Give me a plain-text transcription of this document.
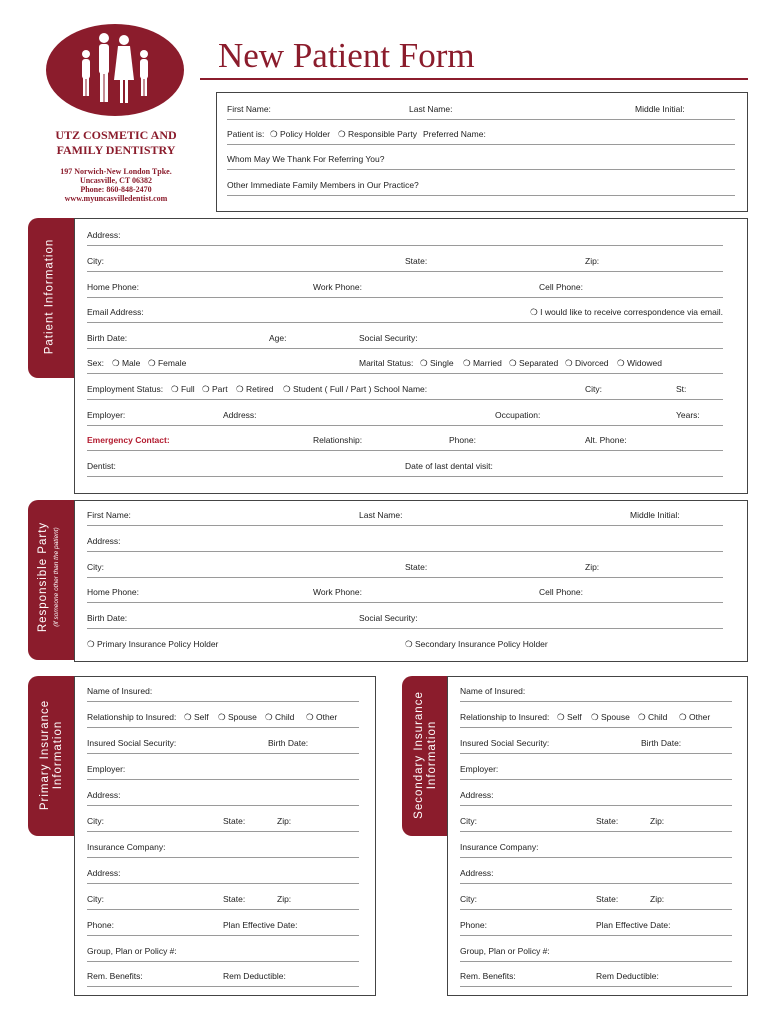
New Patient Form
UTZ COSMETIC AND
FAMILY DENTISTRY
197 Norwich-New London Tpke.
Uncasville, CT 06382
Phone: 860-848-2470
www.myuncasvilledentist.com
First Name:	Last Name:	Middle Initial:
Patient is: ❍ Policy Holder ❍ Responsible Party Preferred Name:
Whom May We Thank For Referring You?
Other Immediate Family Members in Our Practice?
Patient Information
Address:
City:	State:	Zip:
Home Phone:	Work Phone:	Cell Phone:
Email Address:	❍ I would like to receive correspondence via email.
Birth Date:	Age:	Social Security:
Sex: ❍ Male ❍ Female	Marital Status: ❍ Single ❍ Married ❍ Separated ❍ Divorced ❍ Widowed
Employment Status: ❍ Full ❍ Part ❍ Retired ❍ Student ( Full / Part ) School Name:	City:	St:
Employer:	Address:	Occupation:	Years:
Emergency Contact:	Relationship:	Phone:	Alt. Phone:
Dentist:	Date of last dental visit:
Responsible Party (if someone other than the patient)
First Name:	Last Name:	Middle Initial:
Address:
City:	State:	Zip:
Home Phone:	Work Phone:	Cell Phone:
Birth Date:	Social Security:
❍ Primary Insurance Policy Holder	❍ Secondary Insurance Policy Holder
Primary Insurance Information
Name of Insured:
Relationship to Insured: ❍ Self ❍ Spouse ❍ Child ❍ Other
Insured Social Security:	Birth Date:
Employer:
Address:
City:	State:	Zip:
Insurance Company:
Address:
City:	State:	Zip:
Phone:	Plan Effective Date:
Group, Plan or Policy #:
Rem. Benefits:	Rem Deductible:
Secondary Insurance Information
Name of Insured:
Relationship to Insured: ❍ Self ❍ Spouse ❍ Child ❍ Other
Insured Social Security:	Birth Date:
Employer:
Address:
City:	State:	Zip:
Insurance Company:
Address:
City:	State:	Zip:
Phone:	Plan Effective Date:
Group, Plan or Policy #:
Rem. Benefits:	Rem Deductible:
